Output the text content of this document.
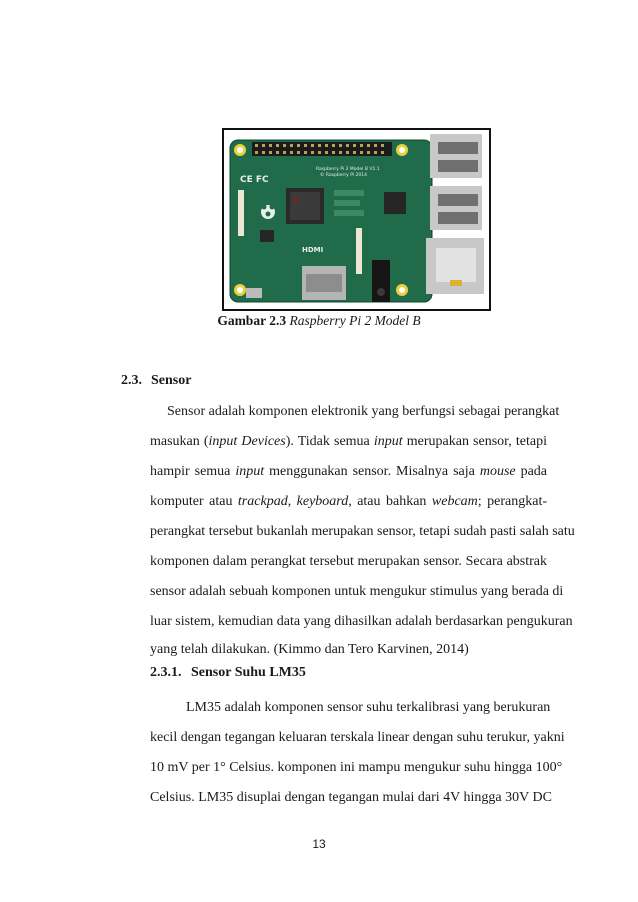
Raspberry Pi 2 Model B V1.1
© Raspberry Pi 2014
CE FC
HDMI
Gambar 2.3 Raspberry Pi 2 Model B
2.3. Sensor
Sensor adalah komponen elektronik yang berfungsi sebagai perangkat
masukan (input Devices). Tidak semua input merupakan sensor, tetapi
hampir semua input menggunakan sensor. Misalnya saja mouse pada
komputer atau trackpad, keyboard, atau bahkan webcam; perangkat-
perangkat tersebut bukanlah merupakan sensor, tetapi sudah pasti salah satu
komponen dalam perangkat tersebut merupakan sensor. Secara abstrak
sensor adalah sebuah komponen untuk mengukur stimulus yang berada di
luar sistem, kemudian data yang dihasilkan adalah berdasarkan pengukuran
yang telah dilakukan. (Kimmo dan Tero Karvinen, 2014)
2.3.1. Sensor Suhu LM35
LM35 adalah komponen sensor suhu terkalibrasi yang berukuran
kecil dengan tegangan keluaran terskala linear dengan suhu terukur, yakni
10 mV per 1° Celsius. komponen ini mampu mengukur suhu hingga 100°
Celsius. LM35 disuplai dengan tegangan mulai dari 4V hingga 30V DC
13
